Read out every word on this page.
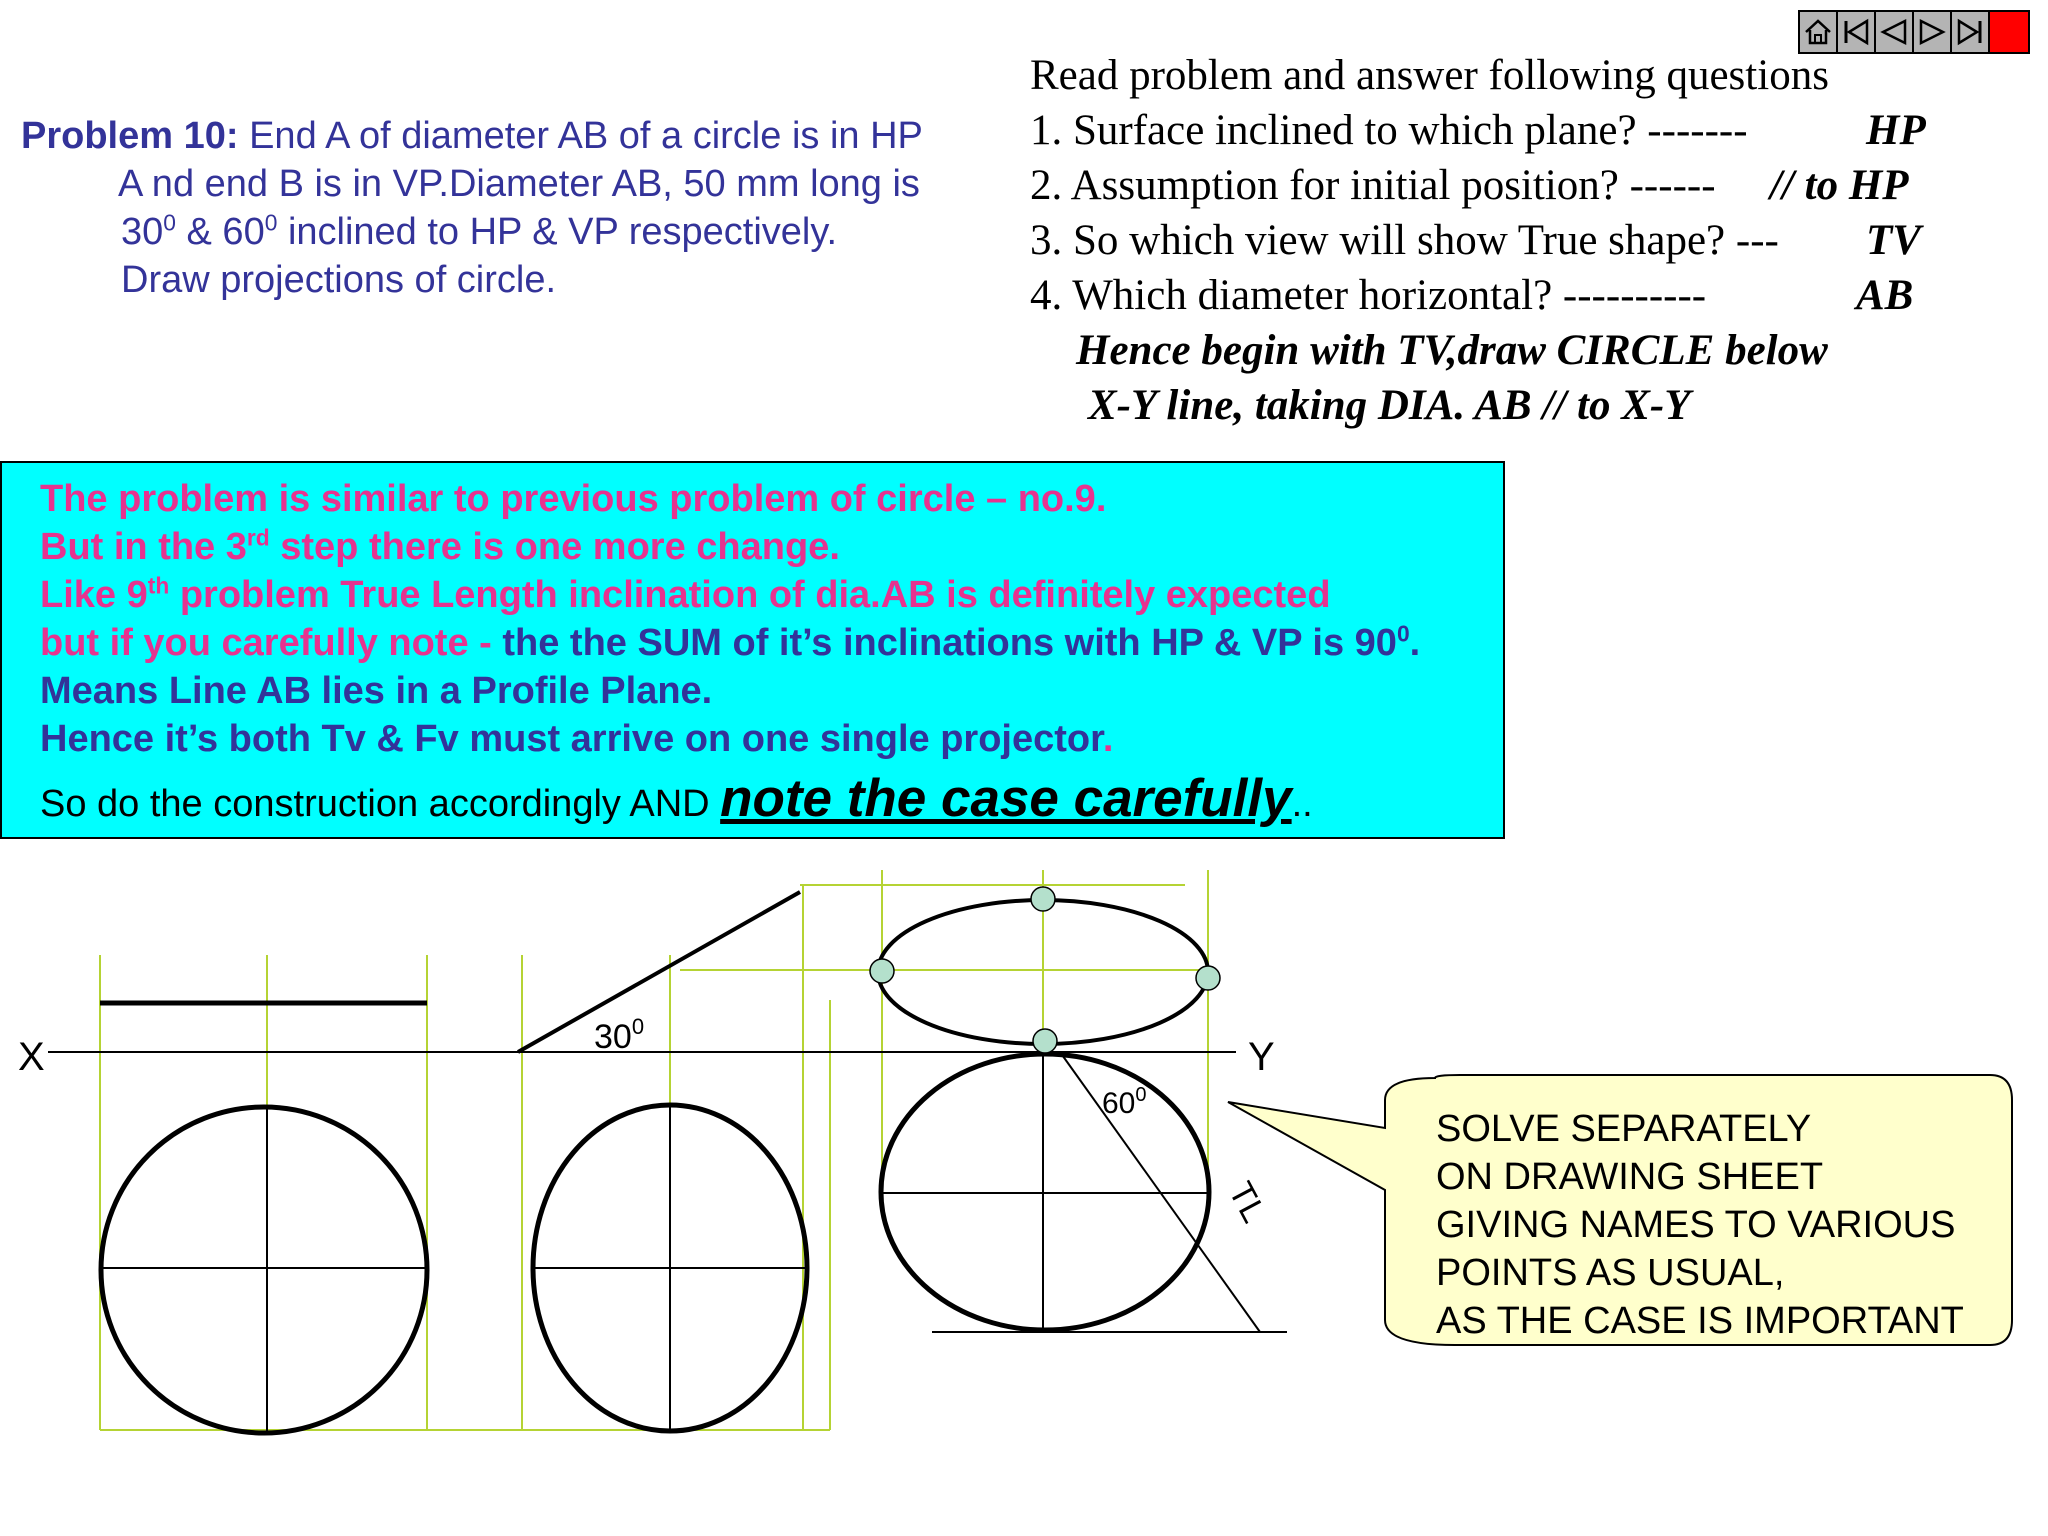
Problem 10: End A of diameter AB of a circle is in HP
A nd end B is in VP.Diameter AB, 50 mm long is
$30^0$ & $60^0$ inclined to HP & VP respectively.
Draw projections of circle.
Read problem and answer following questions
1. Surface inclined to which plane? -------	HP
2. Assumption for initial position? ------ // to HP
3. So which view will show True shape? --- TV
4. Which diameter horizontal? ----------	AB
Hence begin with TV,draw CIRCLE below
X-Y line, taking DIA. AB // to X-Y
The problem is similar to previous problem of circle – no.9.
But in the 3rd step there is one more change.
Like 9th problem True Length inclination of dia.AB is definitely expected
but if you carefully note - the the SUM of it’s inclinations with HP & VP is $90^0$.
Means Line AB lies in a Profile Plane.
Hence it’s both Tv & Fv must arrive on one single projector.
So do the construction accordingly AND note the case carefully..
X	Y
$30^0$
$60^0$
TL
SOLVE SEPARATELY
ON DRAWING SHEET
GIVING NAMES TO VARIOUS
POINTS AS USUAL,
AS THE CASE IS IMPORTANT
